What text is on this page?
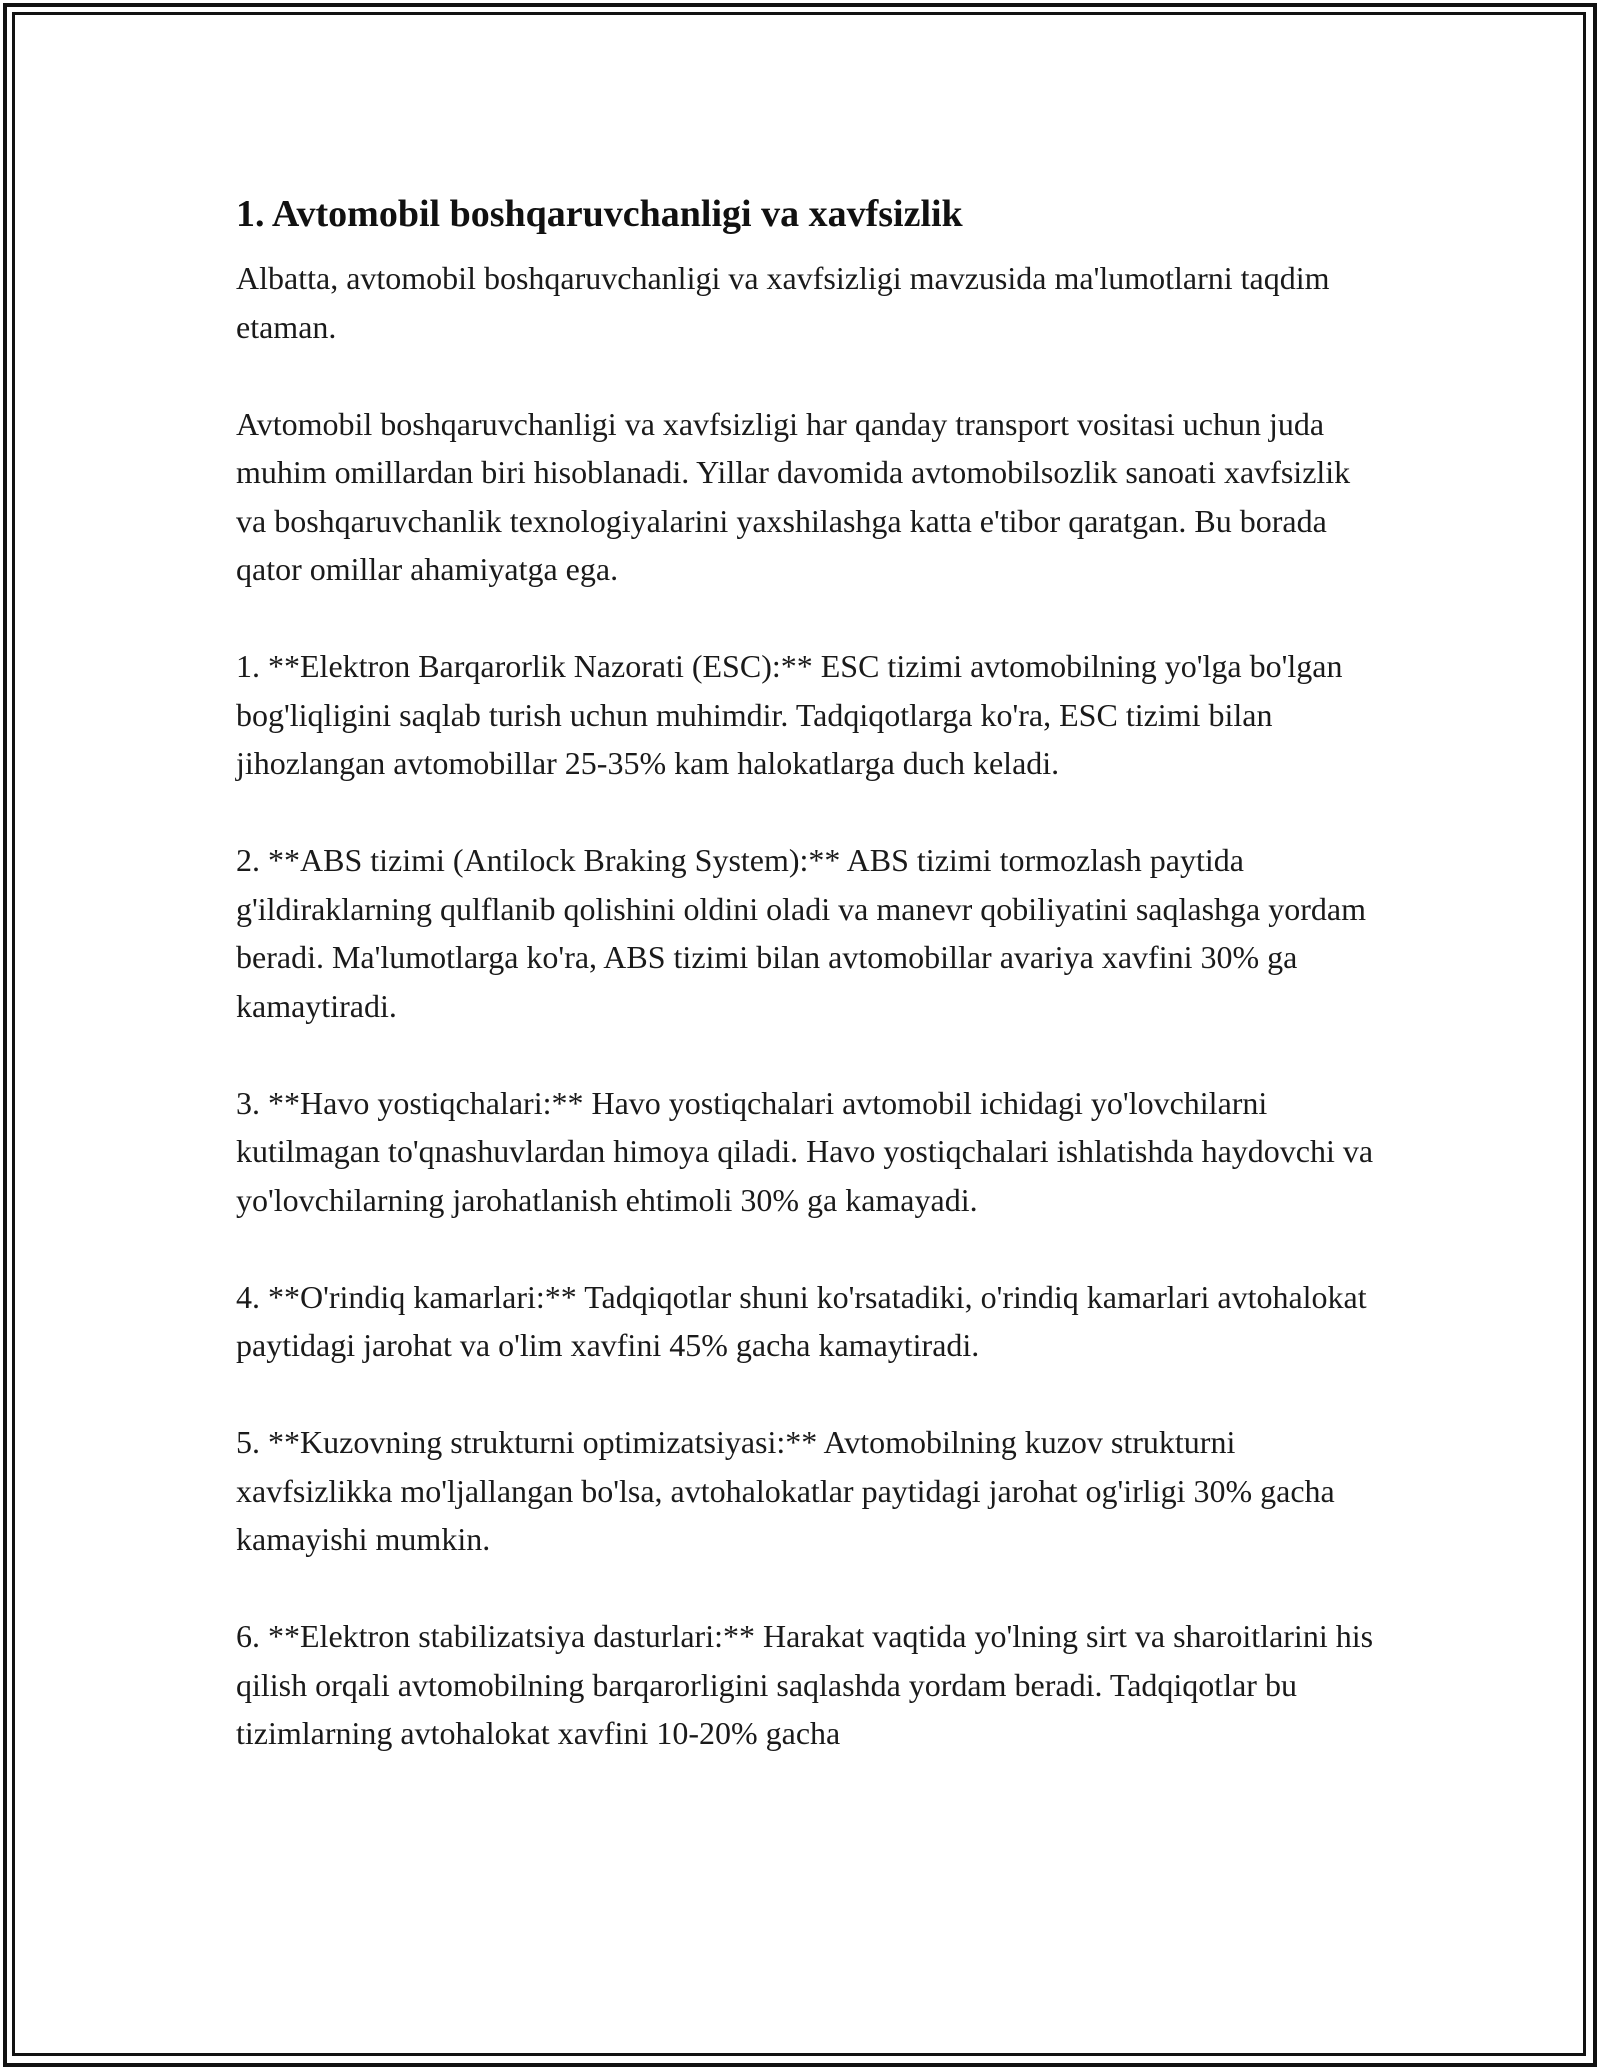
1. Avtomobil boshqaruvchanligi va xavfsizlik

Albatta, avtomobil boshqaruvchanligi va xavfsizligi mavzusida ma'lumotlarni taqdim etaman.

Avtomobil boshqaruvchanligi va xavfsizligi har qanday transport vositasi uchun juda muhim omillardan biri hisoblanadi. Yillar davomida avtomobilsozlik sanoati xavfsizlik va boshqaruvchanlik texnologiyalarini yaxshilashga katta e'tibor qaratgan. Bu borada qator omillar ahamiyatga ega.

1. **Elektron Barqarorlik Nazorati (ESC):** ESC tizimi avtomobilning yo'lga bo'lgan bog'liqligini saqlab turish uchun muhimdir. Tadqiqotlarga ko'ra, ESC tizimi bilan jihozlangan avtomobillar 25-35% kam halokatlarga duch keladi.

2. **ABS tizimi (Antilock Braking System):** ABS tizimi tormozlash paytida g'ildiraklarning qulflanib qolishini oldini oladi va manevr qobiliyatini saqlashga yordam beradi. Ma'lumotlarga ko'ra, ABS tizimi bilan avtomobillar avariya xavfini 30% ga kamaytiradi.

3. **Havo yostiqchalari:** Havo yostiqchalari avtomobil ichidagi yo'lovchilarni kutilmagan to'qnashuvlardan himoya qiladi. Havo yostiqchalari ishlatishda haydovchi va yo'lovchilarning jarohatlanish ehtimoli 30% ga kamayadi.

4. **O'rindiq kamarlari:** Tadqiqotlar shuni ko'rsatadiki, o'rindiq kamarlari avtohalokat paytidagi jarohat va o'lim xavfini 45% gacha kamaytiradi.

5. **Kuzovning strukturni optimizatsiyasi:** Avtomobilning kuzov strukturni xavfsizlikka mo'ljallangan bo'lsa, avtohalokatlar paytidagi jarohat og'irligi 30% gacha kamayishi mumkin.

6. **Elektron stabilizatsiya dasturlari:** Harakat vaqtida yo'lning sirt va sharoitlarini his qilish orqali avtomobilning barqarorligini saqlashda yordam beradi. Tadqiqotlar bu tizimlarning avtohalokat xavfini 10-20% gacha
